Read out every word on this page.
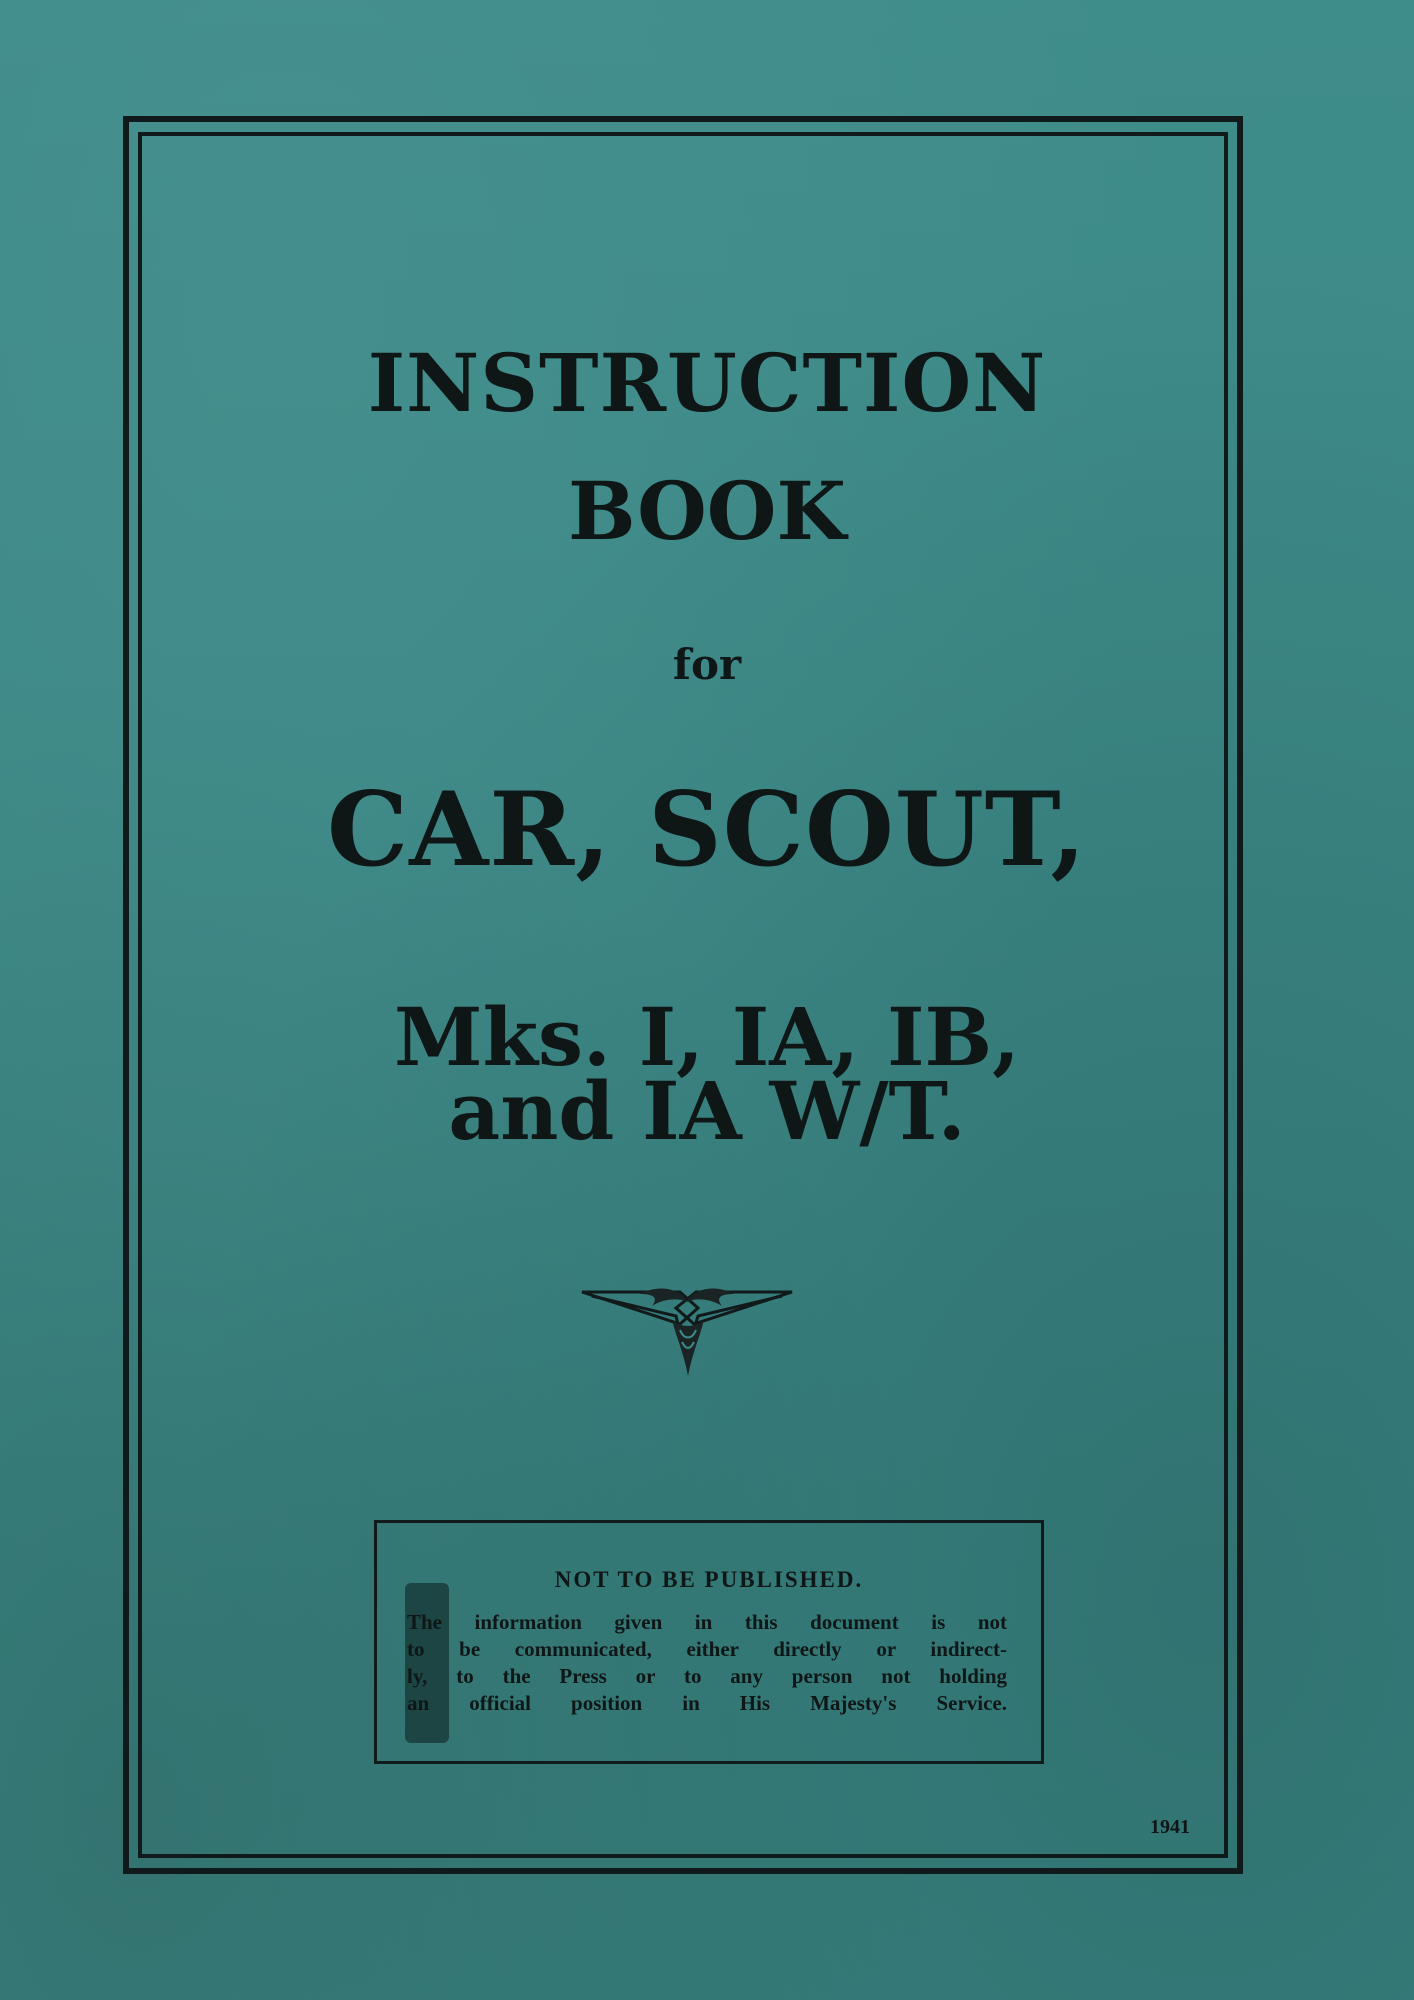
INSTRUCTION
BOOK
for
CAR, SCOUT,
Mks. I, IA, IB,
and IA W/T.
NOT TO BE PUBLISHED.
The information given in this document is not
to be communicated, either directly or indirect-
ly, to the Press or to any person not holding
an official position in His Majesty's Service.
1941
